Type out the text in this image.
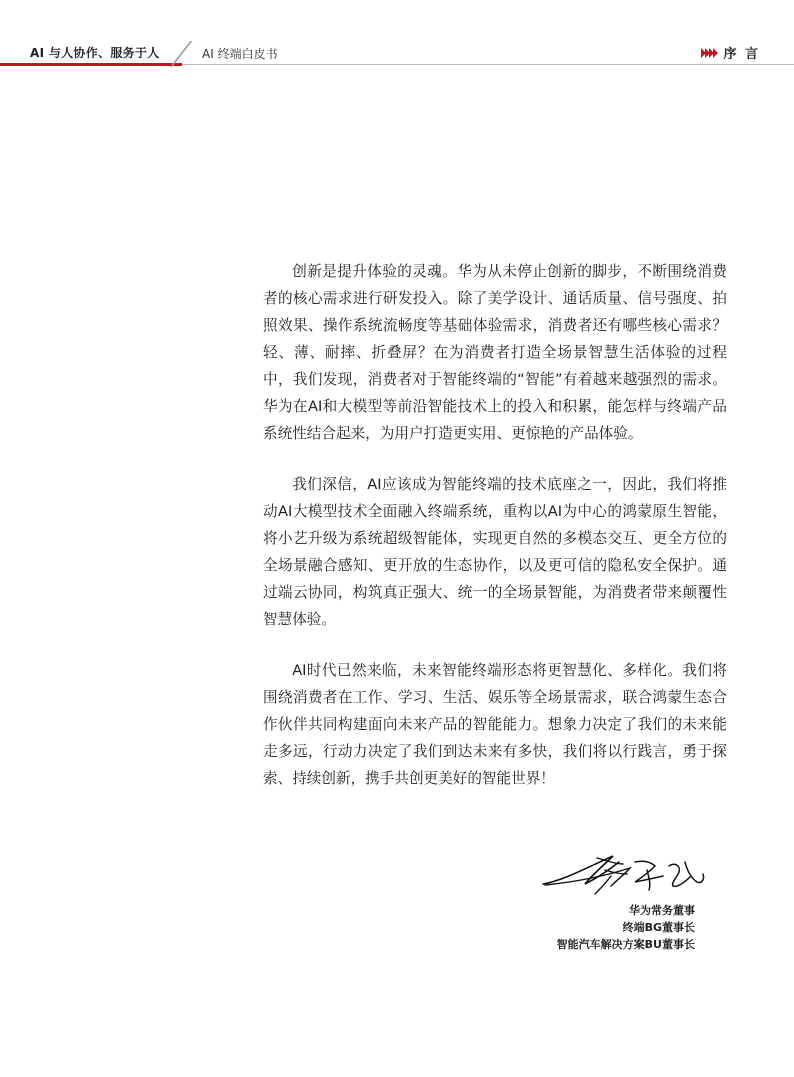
AI 与人协作、服务于人	AI 终端白皮书	序 言

创新是提升体验的灵魂。华为从未停止创新的脚步，不断围绕消费者的核心需求进行研发投入。除了美学设计、通话质量、信号强度、拍照效果、操作系统流畅度等基础体验需求，消费者还有哪些核心需求？轻、薄、耐摔、折叠屏？在为消费者打造全场景智慧生活体验的过程中，我们发现，消费者对于智能终端的“智能”有着越来越强烈的需求。华为在AI和大模型等前沿智能技术上的投入和积累，能怎样与终端产品系统性结合起来，为用户打造更实用、更惊艳的产品体验。

我们深信，AI应该成为智能终端的技术底座之一，因此，我们将推动AI大模型技术全面融入终端系统，重构以AI为中心的鸿蒙原生智能，将小艺升级为系统超级智能体，实现更自然的多模态交互、更全方位的全场景融合感知、更开放的生态协作，以及更可信的隐私安全保护。通过端云协同，构筑真正强大、统一的全场景智能，为消费者带来颠覆性智慧体验。

AI时代已然来临，未来智能终端形态将更智慧化、多样化。我们将围绕消费者在工作、学习、生活、娱乐等全场景需求，联合鸿蒙生态合作伙伴共同构建面向未来产品的智能能力。想象力决定了我们的未来能走多远，行动力决定了我们到达未来有多快，我们将以行践言，勇于探索、持续创新，携手共创更美好的智能世界！

华为常务董事
终端BG董事长
智能汽车解决方案BU董事长
